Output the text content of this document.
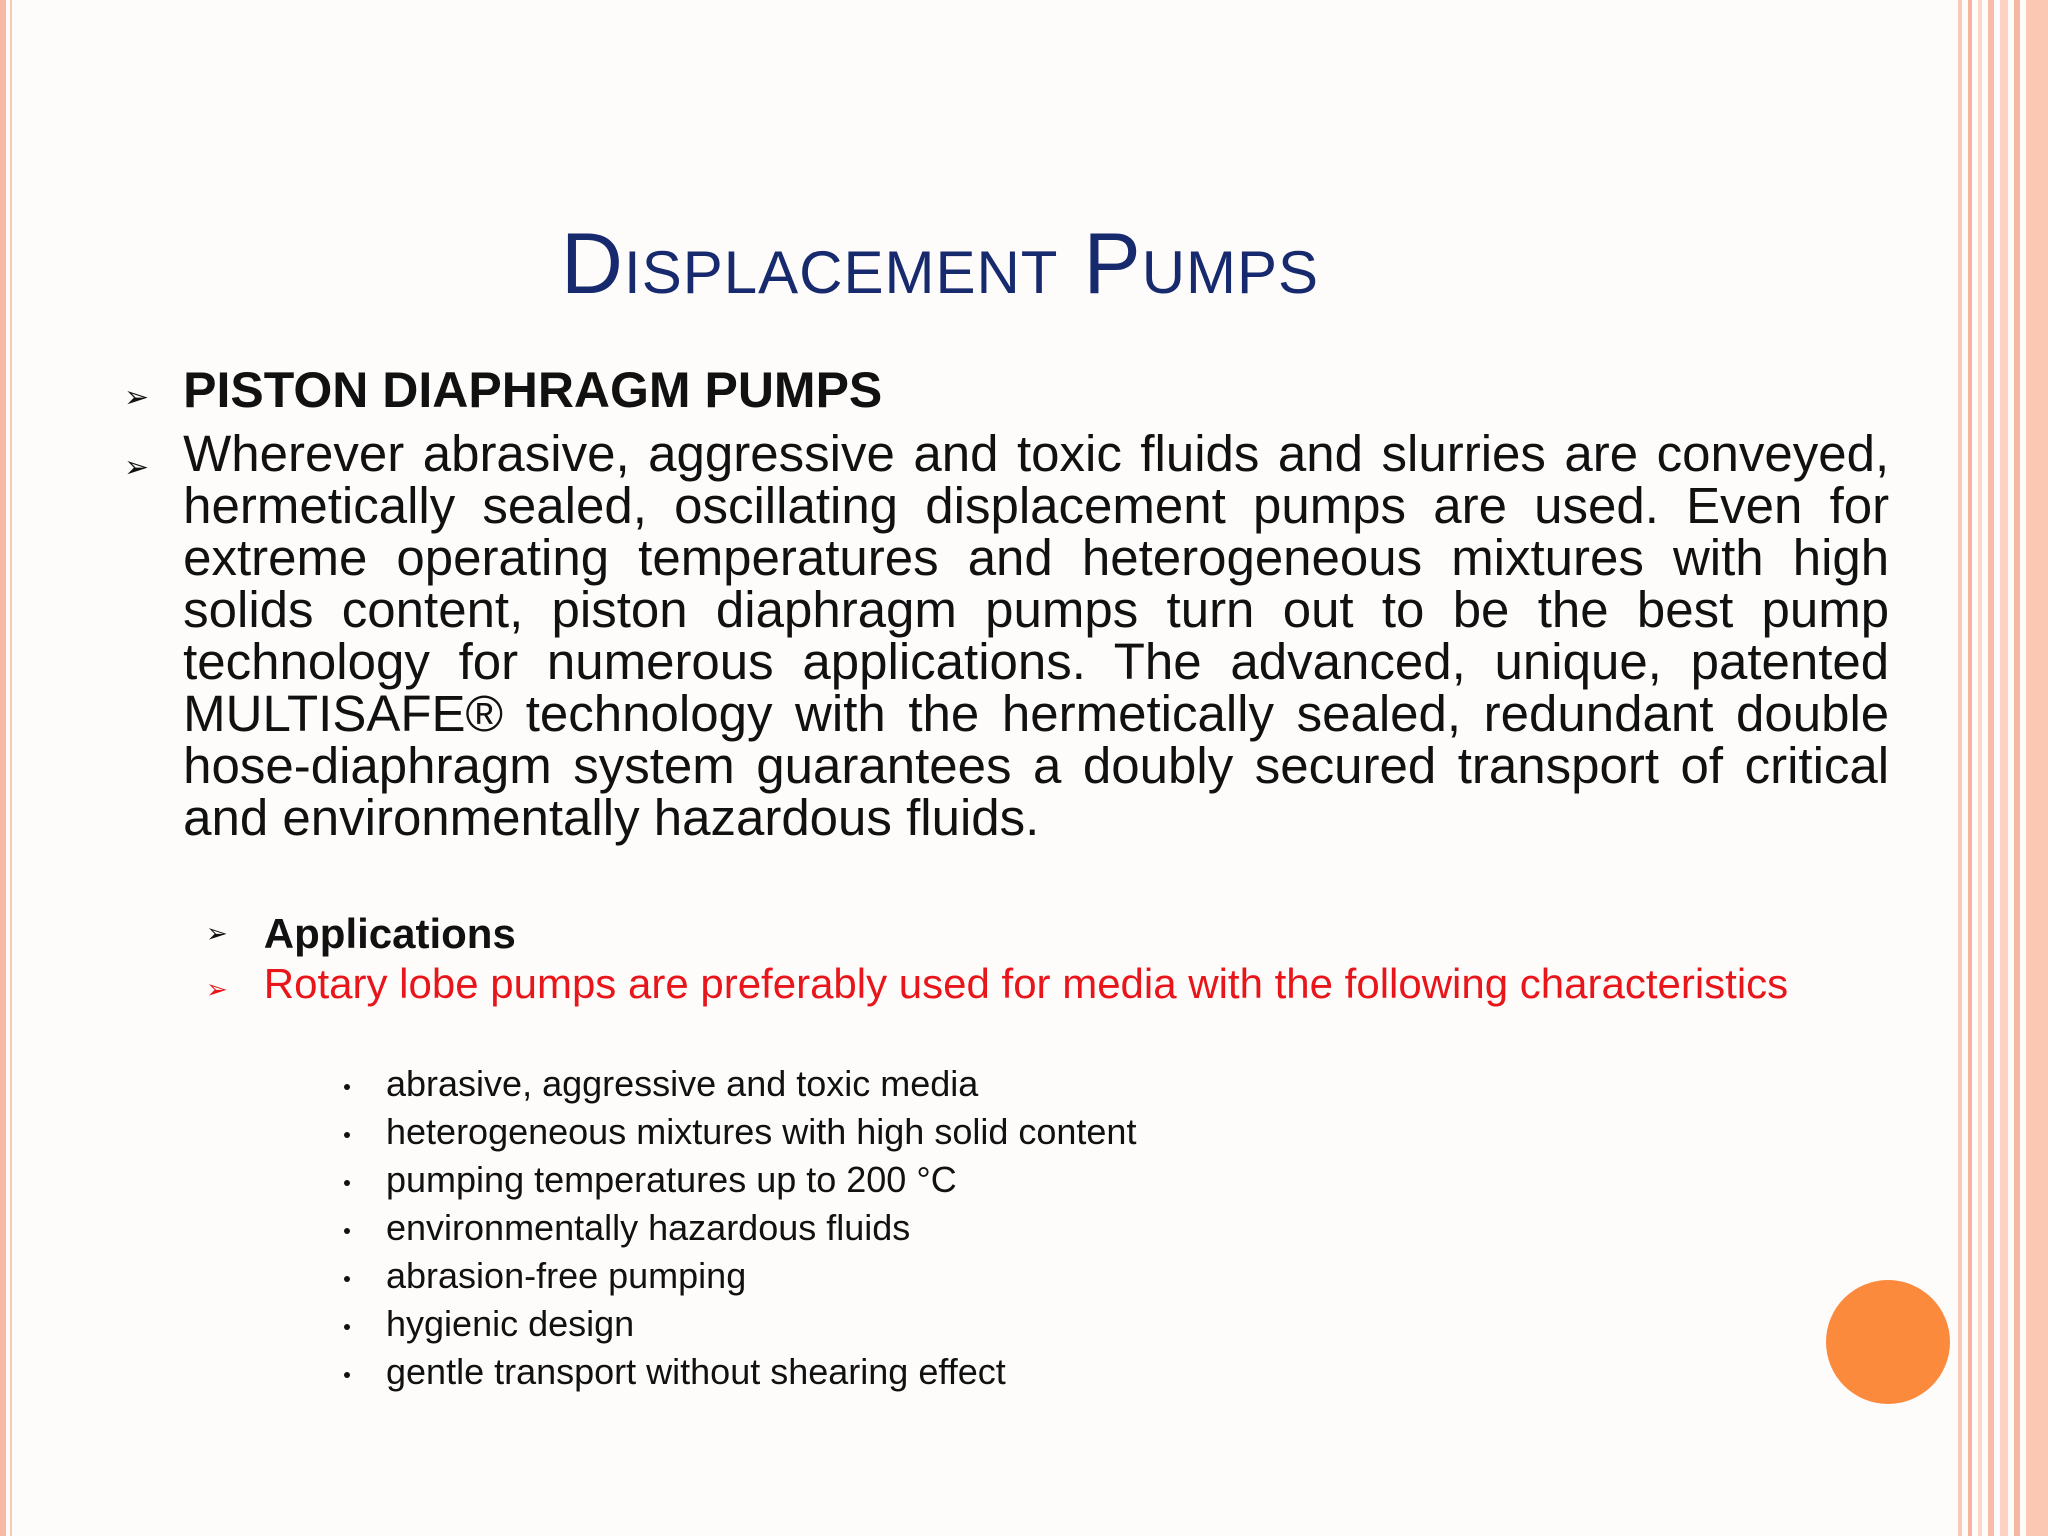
Displacement Pumps
➢ PISTON DIAPHRAGM PUMPS
➢ Wherever abrasive, aggressive and toxic fluids and slurries are conveyed, hermetically sealed, oscillating displacement pumps are used. Even for extreme operating temperatures and heterogeneous mixtures with high solids content, piston diaphragm pumps turn out to be the best pump technology for numerous applications. The advanced, unique, patented MULTISAFE® technology with the hermetically sealed, redundant double hose-diaphragm system guarantees a doubly secured transport of critical and environmentally hazardous fluids.
➢ Applications
➢ Rotary lobe pumps are preferably used for media with the following characteristics
abrasive, aggressive and toxic media
heterogeneous mixtures with high solid content
pumping temperatures up to 200 °C
environmentally hazardous fluids
abrasion-free pumping
hygienic design
gentle transport without shearing effect
